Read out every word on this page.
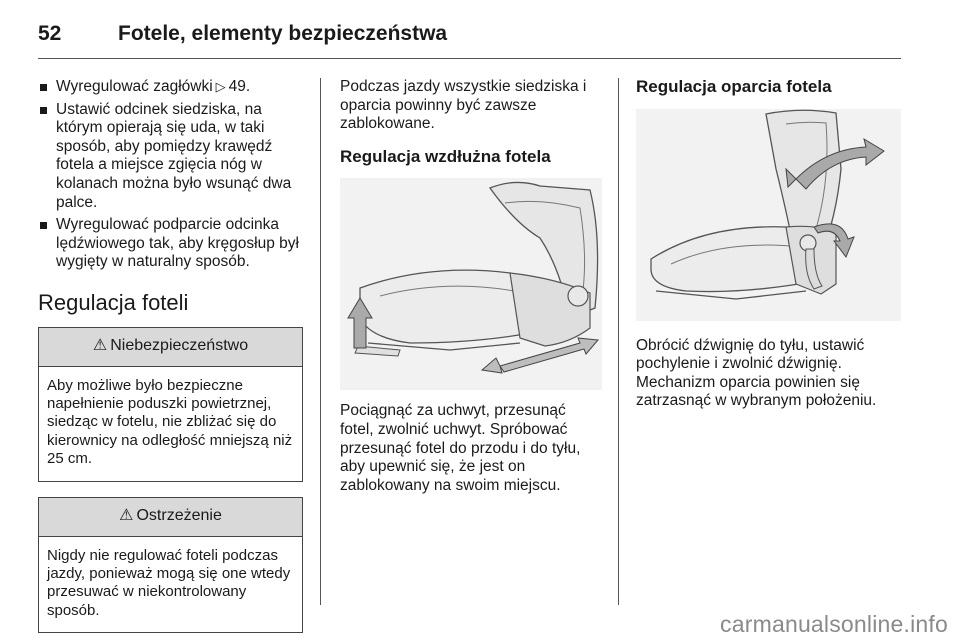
52	Fotele, elementy bezpieczeństwa
Wyregulować zagłówki ▷ 49.
Ustawić odcinek siedziska, na którym opierają się uda, w taki sposób, aby pomiędzy krawędź fotela a miejsce zgięcia nóg w kolanach można było wsunąć dwa palce.
Wyregulować podparcie odcinka lędźwiowego tak, aby kręgosłup był wygięty w naturalny sposób.
Regulacja foteli
⚠ Niebezpieczeństwo
Aby możliwe było bezpieczne napełnienie poduszki powietrznej, siedząc w fotelu, nie zbliżać się do kierownicy na odległość mniejszą niż 25 cm.
⚠ Ostrzeżenie
Nigdy nie regulować foteli podczas jazdy, ponieważ mogą się one wtedy przesuwać w niekontrolowany sposób.

Podczas jazdy wszystkie siedziska i oparcia powinny być zawsze zablokowane.

Regulacja wzdłużna fotela

Pociągnąć za uchwyt, przesunąć fotel, zwolnić uchwyt. Spróbować przesunąć fotel do przodu i do tyłu, aby upewnić się, że jest on zablokowany na swoim miejscu.

Regulacja oparcia fotela

Obrócić dźwignię do tyłu, ustawić pochylenie i zwolnić dźwignię. Mechanizm oparcia powinien się zatrzasnąć w wybranym położeniu.

carmanualsonline.info
